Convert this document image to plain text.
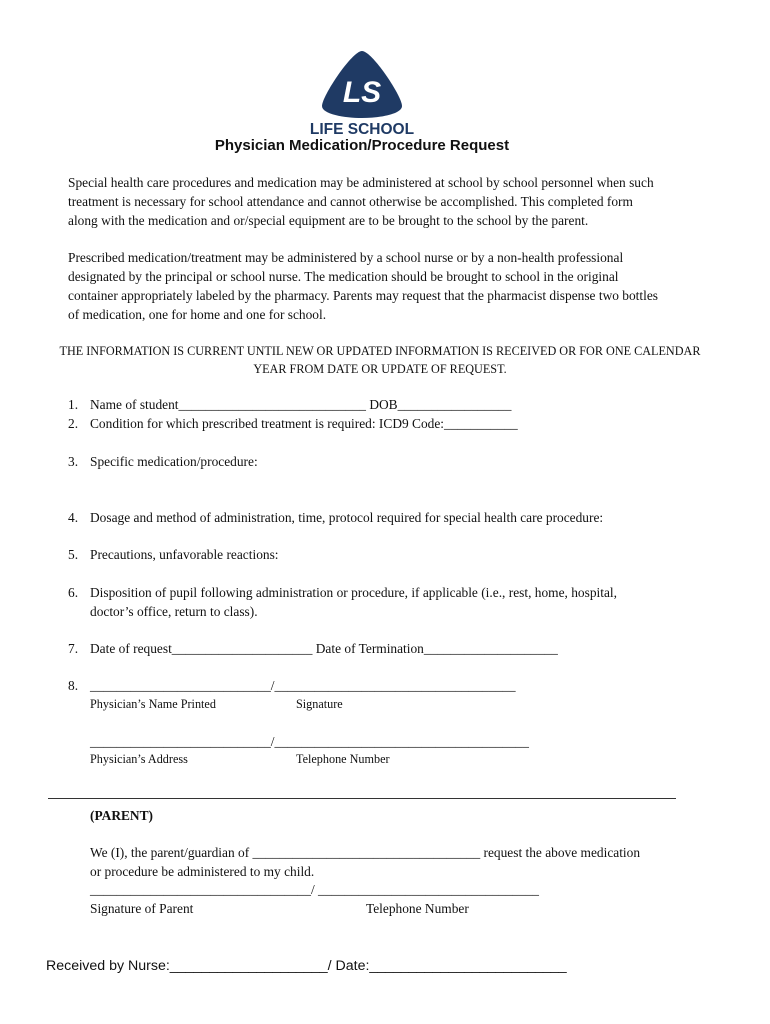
LS
LIFE SCHOOL
Physician Medication/Procedure Request
Special health care procedures and medication may be administered at school by school personnel when such
treatment is necessary for school attendance and cannot otherwise be accomplished. This completed form
along with the medication and or/special equipment are to be brought to the school by the parent.
Prescribed medication/treatment may be administered by a school nurse or by a non-health professional
designated by the principal or school nurse. The medication should be brought to school in the original
container appropriately labeled by the pharmacy. Parents may request that the pharmacist dispense two bottles
of medication, one for home and one for school.
THE INFORMATION IS CURRENT UNTIL NEW OR UPDATED INFORMATION IS RECEIVED OR FOR ONE CALENDAR
YEAR FROM DATE OR UPDATE OF REQUEST.
1. Name of student____________________________ DOB_________________
2. Condition for which prescribed treatment is required: ICD9 Code:___________
3. Specific medication/procedure:
4. Dosage and method of administration, time, protocol required for special health care procedure:
5. Precautions, unfavorable reactions:
6. Disposition of pupil following administration or procedure, if applicable (i.e., rest, home, hospital,
doctor’s office, return to class).
7. Date of request_____________________ Date of Termination____________________
8. ___________________________/____________________________________
Physician’s Name Printed	Signature
___________________________/______________________________________
Physician’s Address	Telephone Number
(PARENT)
We (I), the parent/guardian of __________________________________ request the above medication
or procedure be administered to my child.
_________________________________/ _________________________________
Signature of Parent	Telephone Number
Received by Nurse:____________________/ Date:_________________________
